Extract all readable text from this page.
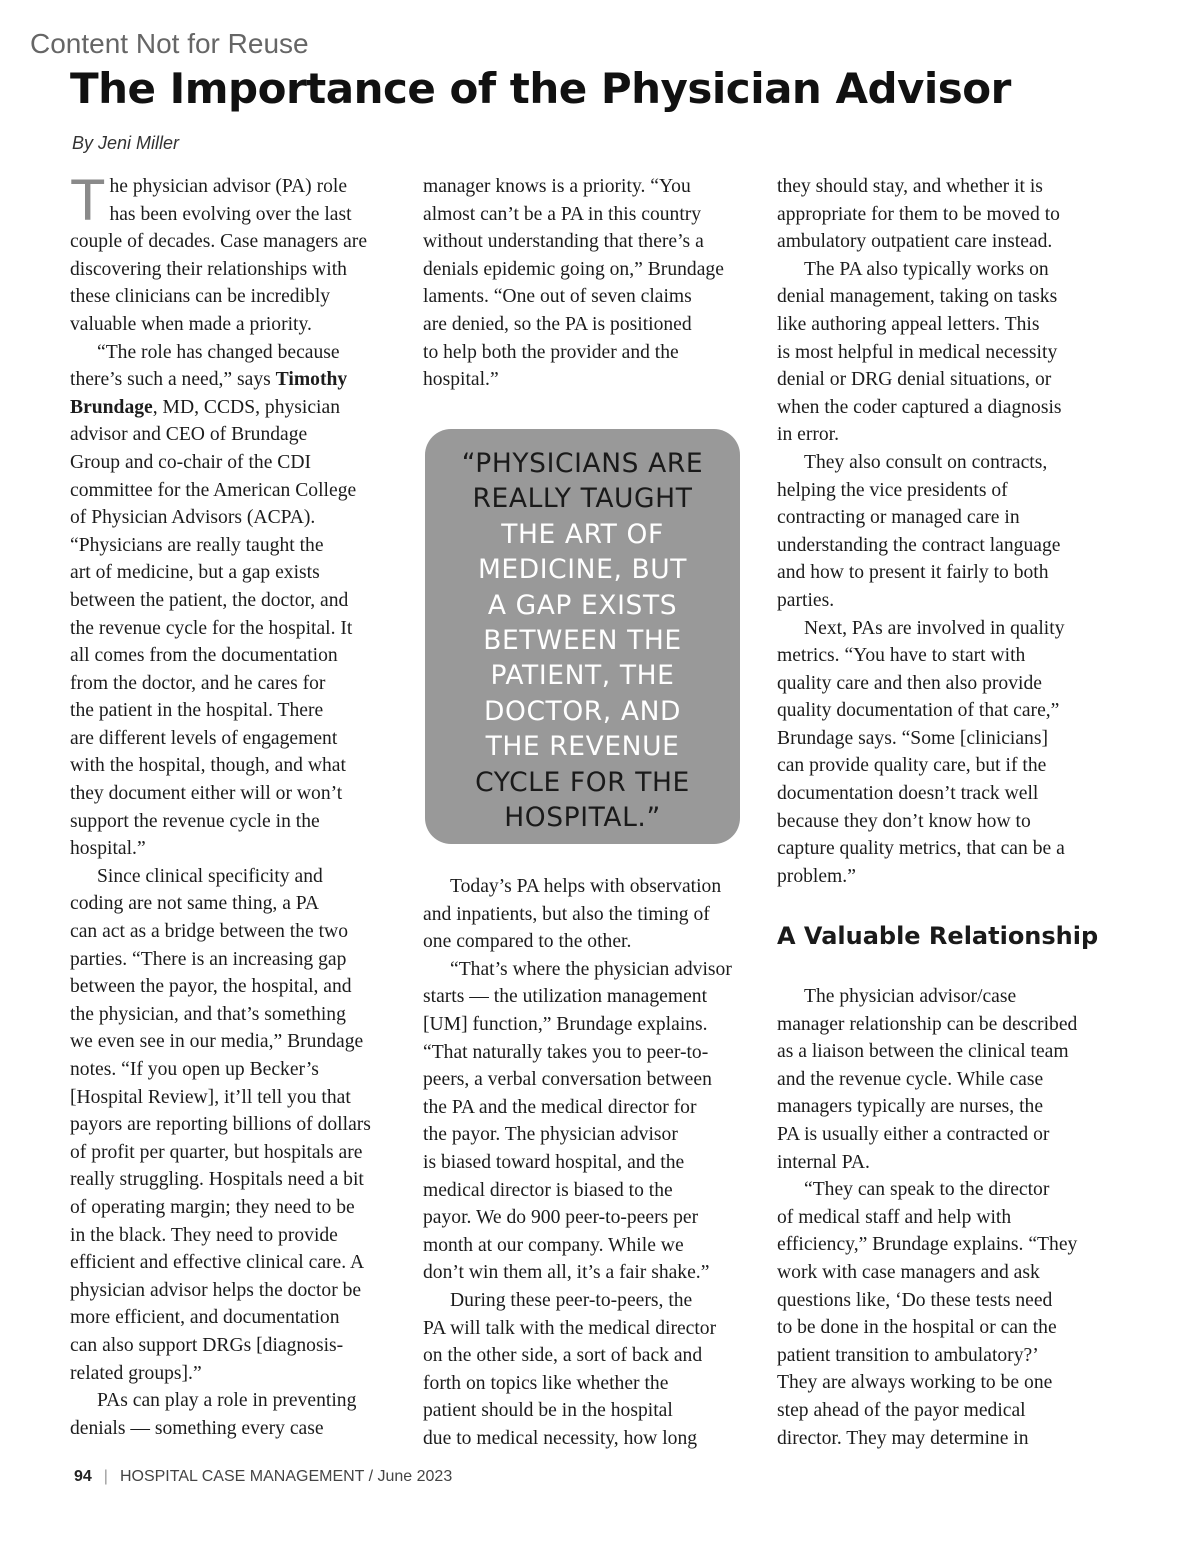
Content Not for Reuse
The Importance of the Physician Advisor
By Jeni Miller
T he physician advisor (PA) role

has been evolving over the last

couple of decades. Case managers are

discovering their relationships with

these clinicians can be incredibly

valuable when made a priority.

“The role has changed because

there’s such a need,” says Timothy

Brundage, MD, CCDS, physician

advisor and CEO of Brundage

Group and co-chair of the CDI

committee for the American College

of Physician Advisors (ACPA).

“Physicians are really taught the

art of medicine, but a gap exists

between the patient, the doctor, and

the revenue cycle for the hospital. It

all comes from the documentation

from the doctor, and he cares for

the patient in the hospital. There

are different levels of engagement

with the hospital, though, and what

they document either will or won’t

support the revenue cycle in the

hospital.”

Since clinical specificity and

coding are not same thing, a PA

can act as a bridge between the two

parties. “There is an increasing gap

between the payor, the hospital, and

the physician, and that’s something

we even see in our media,” Brundage

notes. “If you open up Becker’s

[Hospital Review], it’ll tell you that

payors are reporting billions of dollars

of profit per quarter, but hospitals are

really struggling. Hospitals need a bit

of operating margin; they need to be

in the black. They need to provide

efficient and effective clinical care. A

physician advisor helps the doctor be

more efficient, and documentation

can also support DRGs [diagnosis-

related groups].”

PAs can play a role in preventing

denials — something every case

manager knows is a priority. “You

almost can’t be a PA in this country

without understanding that there’s a

denials epidemic going on,” Brundage

laments. “One out of seven claims

are denied, so the PA is positioned

to help both the provider and the

hospital.”

“PHYSICIANS ARE
REALLY TAUGHT
THE ART OF
MEDICINE, BUT
A GAP EXISTS
BETWEEN THE
PATIENT, THE
DOCTOR, AND
THE REVENUE
CYCLE FOR THE
HOSPITAL.”

Today’s PA helps with observation

and inpatients, but also the timing of

one compared to the other.

“That’s where the physician advisor

starts — the utilization management

[UM] function,” Brundage explains.

“That naturally takes you to peer-to-

peers, a verbal conversation between

the PA and the medical director for

the payor. The physician advisor

is biased toward hospital, and the

medical director is biased to the

payor. We do 900 peer-to-peers per

month at our company. While we

don’t win them all, it’s a fair shake.”

During these peer-to-peers, the

PA will talk with the medical director

on the other side, a sort of back and

forth on topics like whether the

patient should be in the hospital

due to medical necessity, how long

they should stay, and whether it is

appropriate for them to be moved to

ambulatory outpatient care instead.

The PA also typically works on

denial management, taking on tasks

like authoring appeal letters. This

is most helpful in medical necessity

denial or DRG denial situations, or

when the coder captured a diagnosis

in error.

They also consult on contracts,

helping the vice presidents of

contracting or managed care in

understanding the contract language

and how to present it fairly to both

parties.

Next, PAs are involved in quality

metrics. “You have to start with

quality care and then also provide

quality documentation of that care,”

Brundage says. “Some [clinicians]

can provide quality care, but if the

documentation doesn’t track well

because they don’t know how to

capture quality metrics, that can be a

problem.”

A Valuable Relationship

The physician advisor/case

manager relationship can be described

as a liaison between the clinical team

and the revenue cycle. While case

managers typically are nurses, the

PA is usually either a contracted or

internal PA.

“They can speak to the director

of medical staff and help with

efficiency,” Brundage explains. “They

work with case managers and ask

questions like, ‘Do these tests need

to be done in the hospital or can the

patient transition to ambulatory?’

They are always working to be one

step ahead of the payor medical

director. They may determine in

94 | HOSPITAL CASE MANAGEMENT / June 2023
